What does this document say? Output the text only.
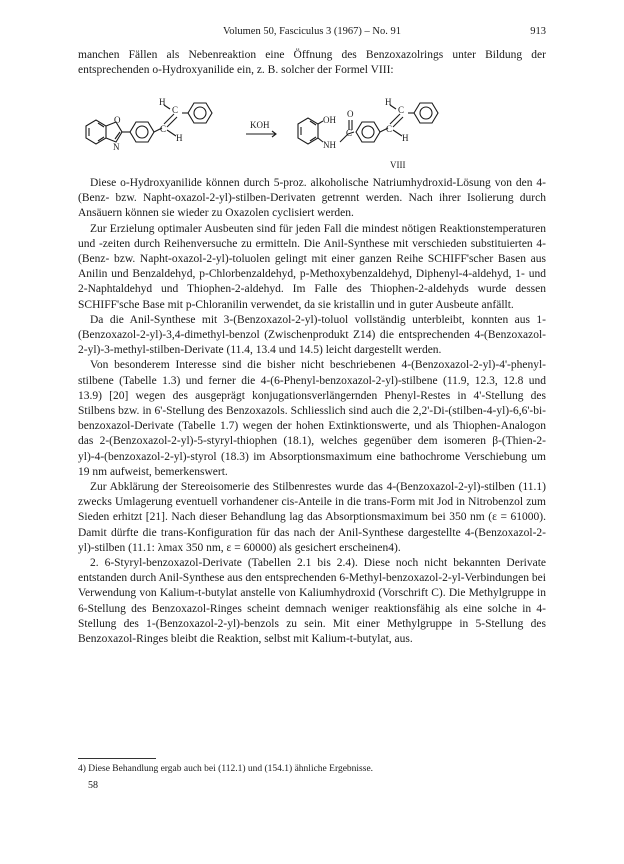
Volumen 50, Fasciculus 3 (1967) – No. 91	913
manchen Fällen als Nebenreaktion eine Öffnung des Benzoxazolrings unter Bildung der entsprechenden o-Hydroxyanilide ein, z. B. solcher der Formel VIII:
O
N
H
C
C
H
KOH	OH
NH
O
C
H
C
C
H
VIII

Diese o-Hydroxyanilide können durch 5-proz. alkoholische Natriumhydroxid-Lösung von den 4-(Benz- bzw. Napht-oxazol-2-yl)-stilben-Derivaten getrennt werden. Nach ihrer Isolierung durch Ansäuern können sie wieder zu Oxazolen cyclisiert werden.

Zur Erzielung optimaler Ausbeuten sind für jeden Fall die mindest nötigen Reaktionstemperaturen und -zeiten durch Reihenversuche zu ermitteln. Die Anil-Synthese mit verschieden substituierten 4-(Benz- bzw. Napht-oxazol-2-yl)-toluolen gelingt mit einer ganzen Reihe SCHIFF'scher Basen aus Anilin und Benzaldehyd, p-Chlorbenzaldehyd, p-Methoxybenzaldehyd, Diphenyl-4-aldehyd, 1- und 2-Naphtaldehyd und Thiophen-2-aldehyd. Im Falle des Thiophen-2-aldehyds wurde dessen SCHIFF'sche Base mit p-Chloranilin verwendet, da sie kristallin und in guter Ausbeute anfällt.

Da die Anil-Synthese mit 3-(Benzoxazol-2-yl)-toluol vollständig unterbleibt, konnten aus 1-(Benzoxazol-2-yl)-3,4-dimethyl-benzol (Zwischenprodukt Z14) die entsprechenden 4-(Benzoxazol-2-yl)-3-methyl-stilben-Derivate (11.4, 13.4 und 14.5) leicht dargestellt werden.

Von besonderem Interesse sind die bisher nicht beschriebenen 4-(Benzoxazol-2-yl)-4'-phenyl-stilbene (Tabelle 1.3) und ferner die 4-(6-Phenyl-benzoxazol-2-yl)-stilbene (11.9, 12.3, 12.8 und 13.9) [20] wegen des ausgeprägt konjugationsverlängernden Phenyl-Restes in 4'-Stellung des Stilbens bzw. in 6'-Stellung des Benzoxazols. Schliesslich sind auch die 2,2'-Di-(stilben-4-yl)-6,6'-bi-benzoxazol-Derivate (Tabelle 1.7) wegen der hohen Extinktionswerte, und als Thiophen-Analogon das 2-(Benzoxazol-2-yl)-5-styryl-thiophen (18.1), welches gegenüber dem isomeren β-(Thien-2-yl)-4-(benzoxazol-2-yl)-styrol (18.3) im Absorptionsmaximum eine bathochrome Verschiebung um 19 nm aufweist, bemerkenswert.

Zur Abklärung der Stereoisomerie des Stilbenrestes wurde das 4-(Benzoxazol-2-yl)-stilben (11.1) zwecks Umlagerung eventuell vorhandener cis-Anteile in die trans-Form mit Jod in Nitrobenzol zum Sieden erhitzt [21]. Nach dieser Behandlung lag das Absorptionsmaximum bei 350 nm (ε = 61000). Damit dürfte die trans-Konfiguration für das nach der Anil-Synthese dargestellte 4-(Benzoxazol-2-yl)-stilben (11.1: λmax 350 nm, ε = 60000) als gesichert erscheinen4).

2. 6-Styryl-benzoxazol-Derivate (Tabellen 2.1 bis 2.4). Diese noch nicht bekannten Derivate entstanden durch Anil-Synthese aus den entsprechenden 6-Methyl-benzoxazol-2-yl-Verbindungen bei Verwendung von Kalium-t-butylat anstelle von Kaliumhydroxid (Vorschrift C). Die Methylgruppe in 6-Stellung des Benzoxazol-Ringes scheint demnach weniger reaktionsfähig als eine solche in 4-Stellung des 1-(Benzoxazol-2-yl)-benzols zu sein. Mit einer Methylgruppe in 5-Stellung des Benzoxazol-Ringes bleibt die Reaktion, selbst mit Kalium-t-butylat, aus.

4) Diese Behandlung ergab auch bei (112.1) und (154.1) ähnliche Ergebnisse.
58
